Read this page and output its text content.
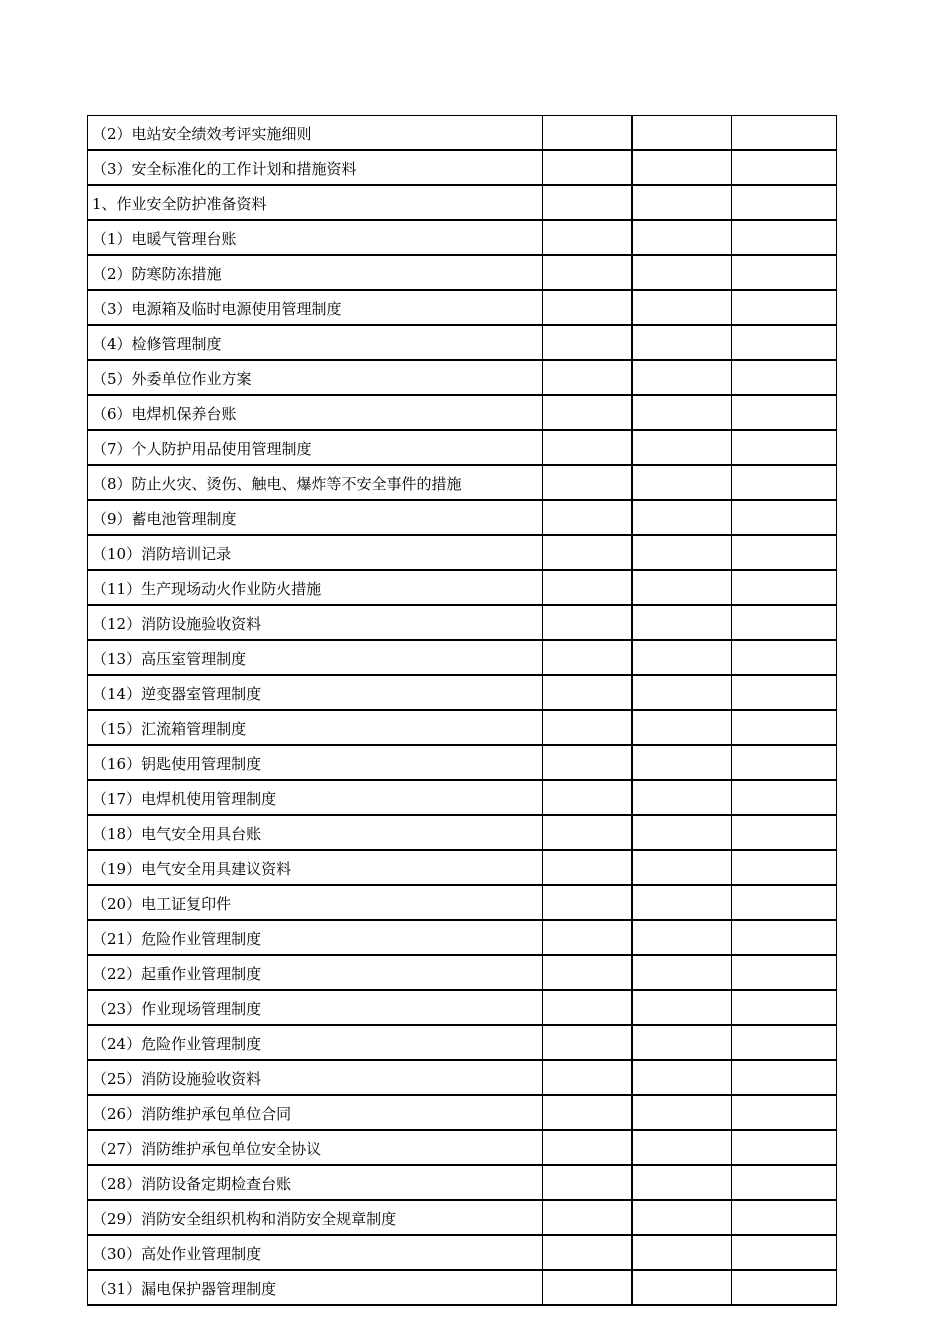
（2）电站安全绩效考评实施细则			
（3）安全标准化的工作计划和措施资料			
1、作业安全防护准备资料			
（1）电暖气管理台账			
（2）防寒防冻措施			
（3）电源箱及临时电源使用管理制度			
（4）检修管理制度			
（5）外委单位作业方案			
（6）电焊机保养台账			
（7）个人防护用品使用管理制度			
（8）防止火灾、烫伤、触电、爆炸等不安全事件的措施			
（9）蓄电池管理制度			
（10）消防培训记录			
（11）生产现场动火作业防火措施			
（12）消防设施验收资料			
（13）高压室管理制度			
（14）逆变器室管理制度			
（15）汇流箱管理制度			
（16）钥匙使用管理制度			
（17）电焊机使用管理制度			
（18）电气安全用具台账			
（19）电气安全用具建议资料			
（20）电工证复印件			
（21）危险作业管理制度			
（22）起重作业管理制度			
（23）作业现场管理制度			
（24）危险作业管理制度			
（25）消防设施验收资料			
（26）消防维护承包单位合同			
（27）消防维护承包单位安全协议			
（28）消防设备定期检查台账			
（29）消防安全组织机构和消防安全规章制度			
（30）高处作业管理制度			
（31）漏电保护器管理制度			
